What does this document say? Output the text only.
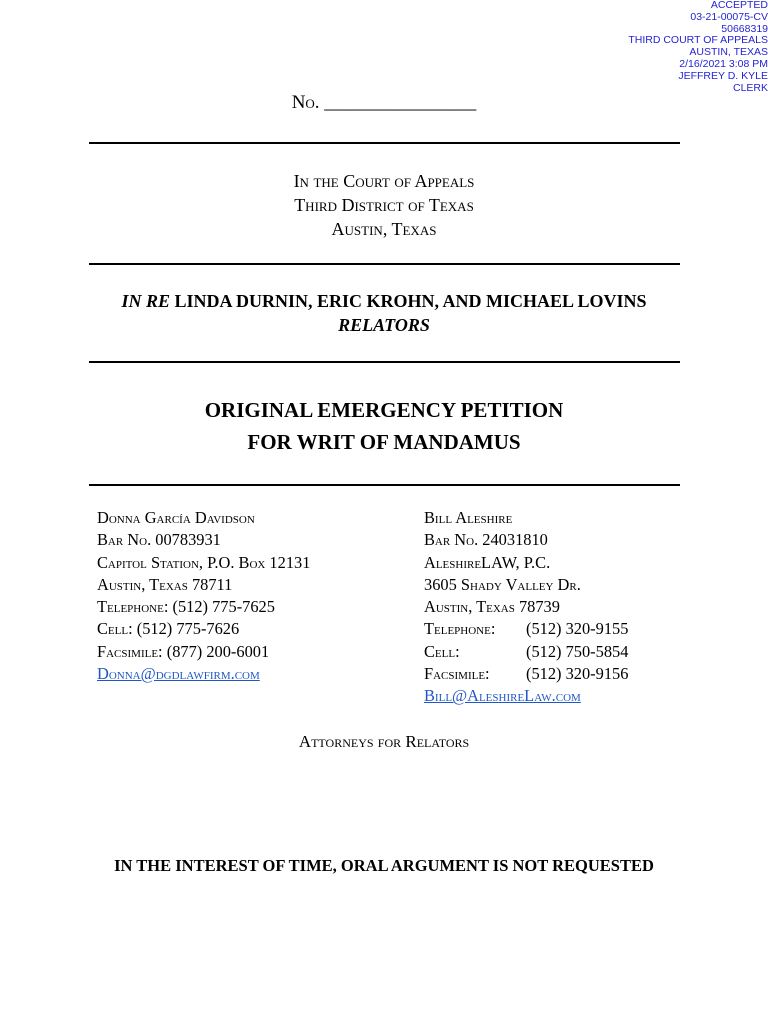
ACCEPTED
03-21-00075-CV
50668319
THIRD COURT OF APPEALS
AUSTIN, TEXAS
2/16/2021 3:08 PM
JEFFREY D. KYLE
CLERK
No. ________________
In the Court of Appeals
Third District of Texas
Austin, Texas
IN RE LINDA DURNIN, ERIC KROHN, AND MICHAEL LOVINS
RELATORS
ORIGINAL EMERGENCY PETITION
FOR WRIT OF MANDAMUS
Donna García Davidson
Bar No. 00783931
Capitol Station, P.O. Box 12131
Austin, Texas 78711
Telephone: (512) 775-7625
Cell: (512) 775-7626
Facsimile: (877) 200-6001
Donna@dgdlawfirm.com
Bill Aleshire
Bar No. 24031810
AleshireLAW, P.C.
3605 Shady Valley Dr.
Austin, Texas 78739
Telephone: (512) 320-9155
Cell:	(512) 750-5854
Facsimile: (512) 320-9156
Bill@AleshireLaw.com
Attorneys for Relators
IN THE INTEREST OF TIME, ORAL ARGUMENT IS NOT REQUESTED
